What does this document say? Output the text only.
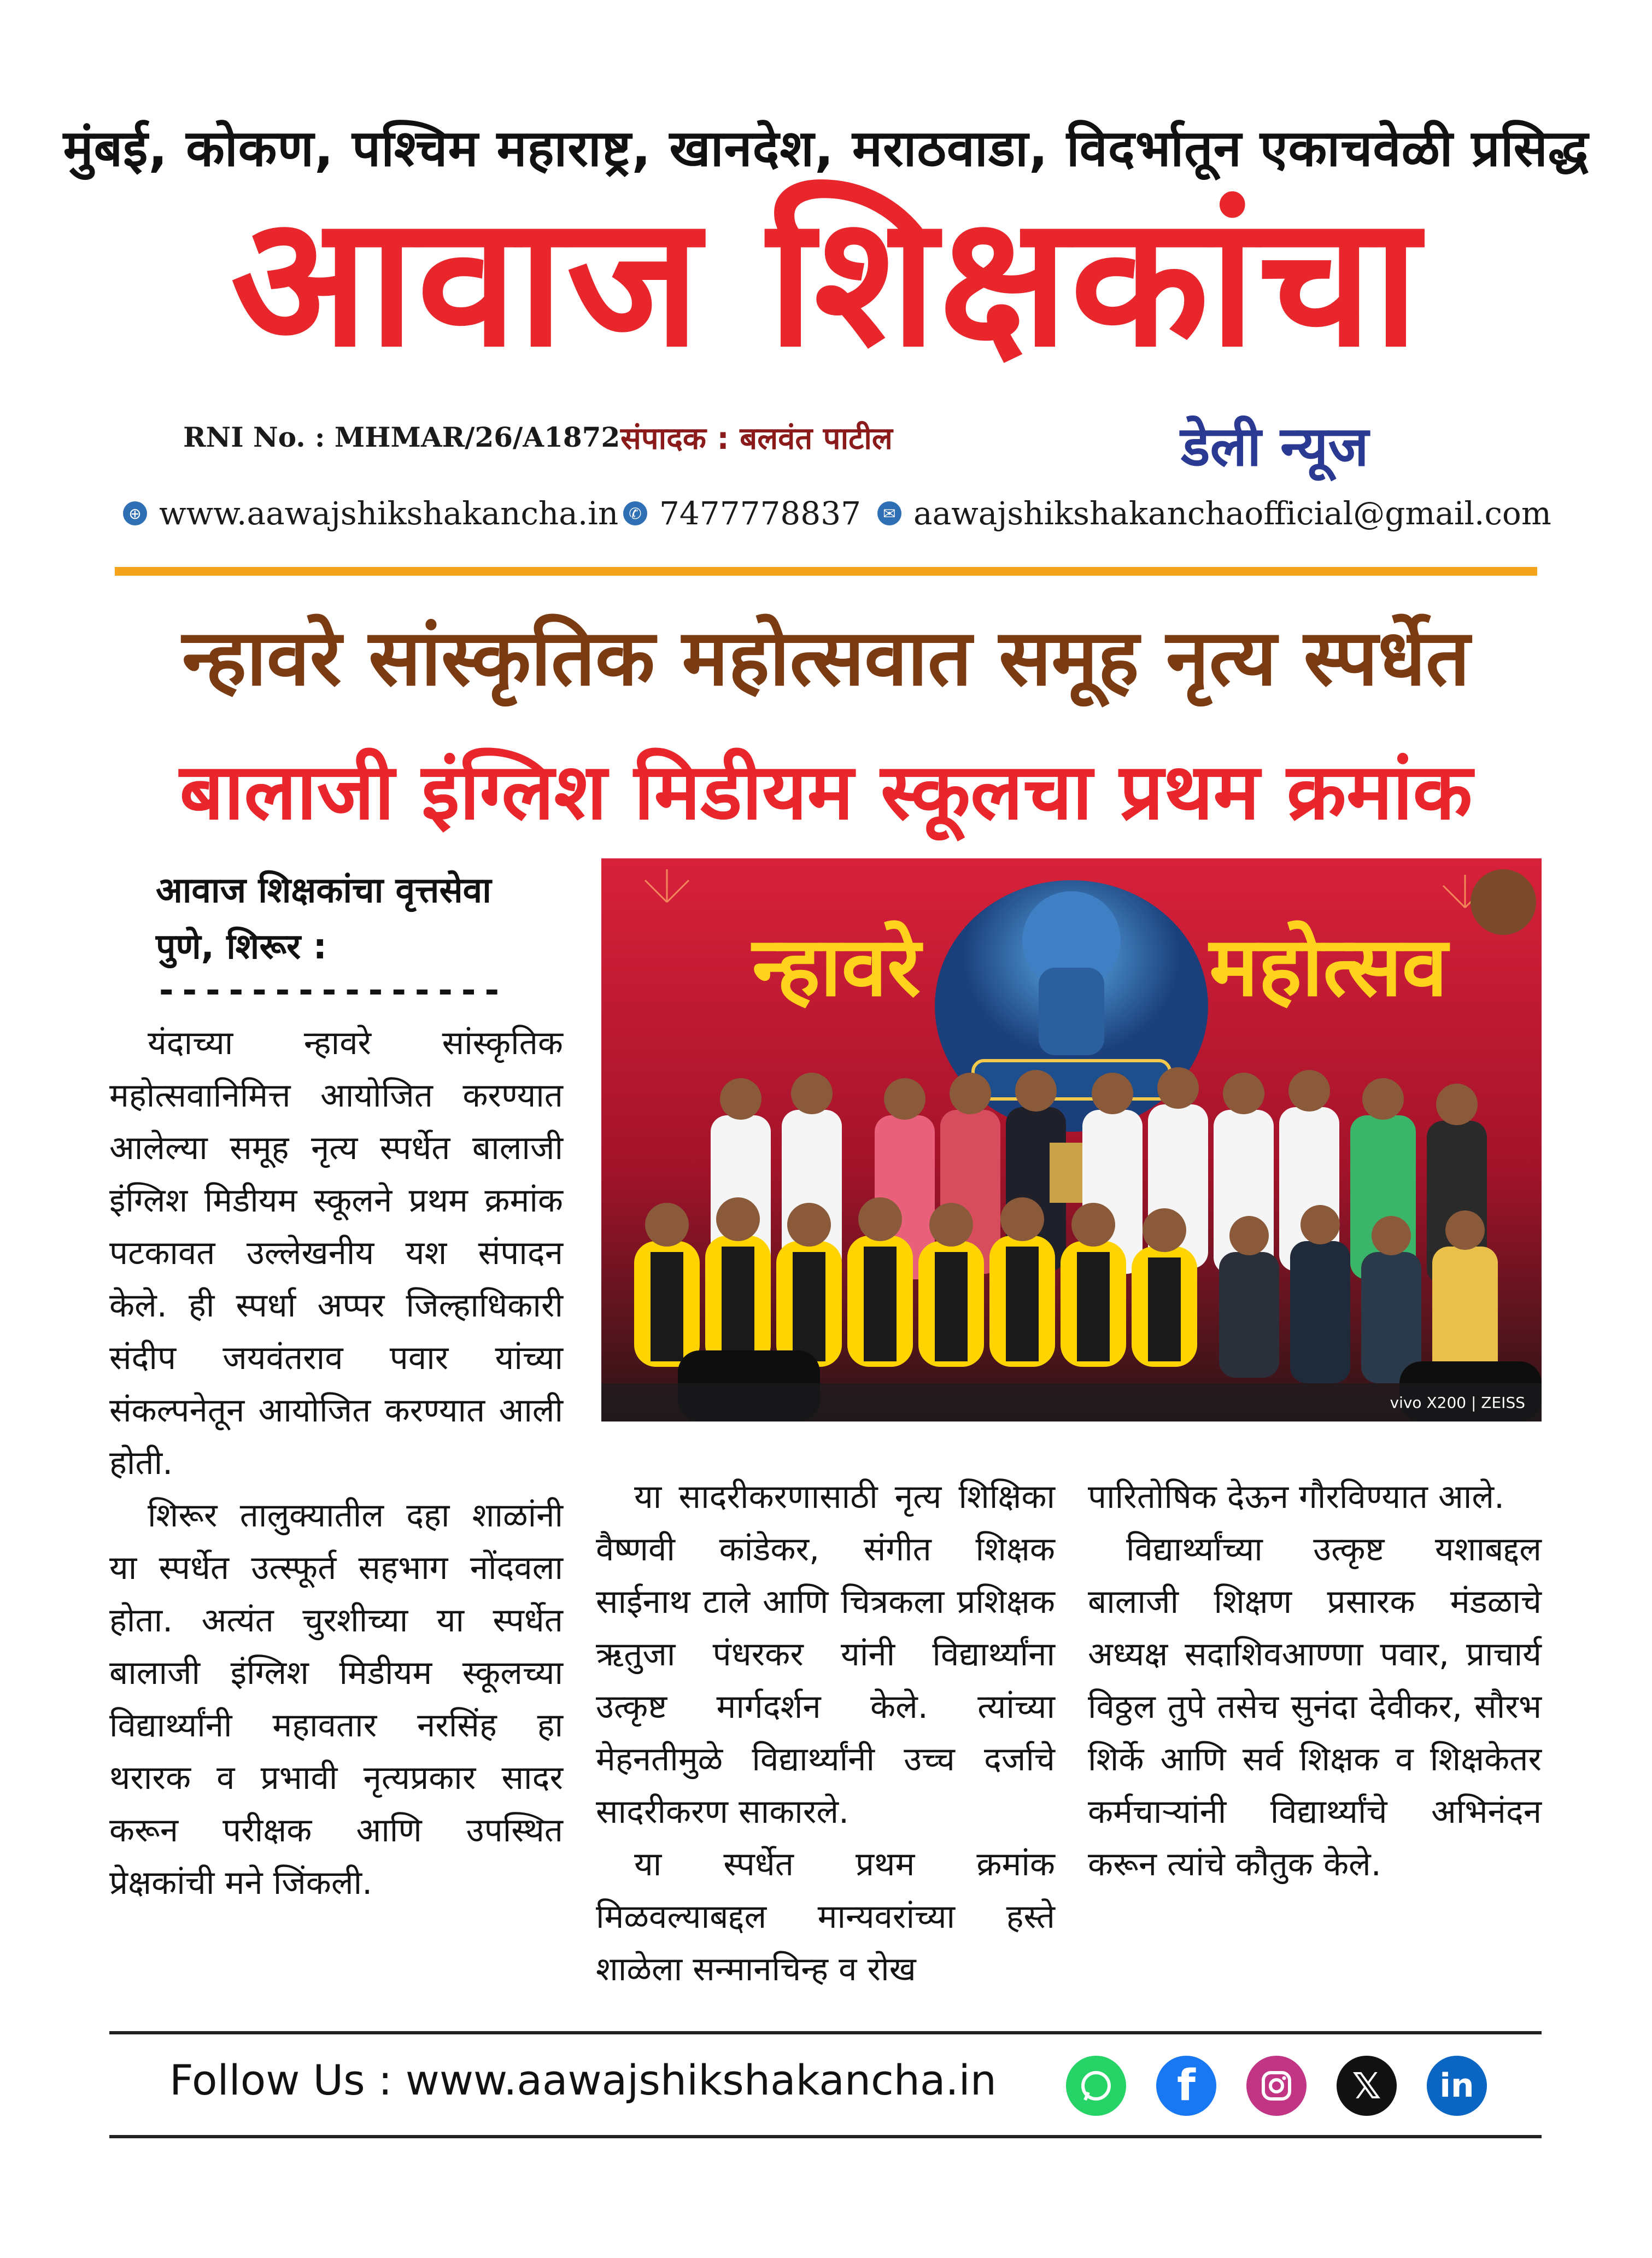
मुंबई, कोकण, पश्चिम महाराष्ट्र, खानदेश, मराठवाडा, विदर्भातून एकाचवेळी प्रसिद्ध
आवाज शिक्षकांचा
RNI No. : MHMAR/26/A1872 संपादक : बलवंत पाटील	डेली न्यूज
⊕ www.aawajshikshakancha.in ✆ 7477778837	✉ aawajshikshakanchaofficial@gmail.com
न्हावरे सांस्कृतिक महोत्सवात समूह नृत्य स्पर्धेत
बालाजी इंग्लिश मिडीयम स्कूलचा प्रथम क्रमांक
आवाज शिक्षकांचा वृत्तसेवा
पुणे, शिरूर :
---------------	न्हावरे	महोत्सव
vivo X200 | ZEISS

यंदाच्या न्हावरे सांस्कृतिक महोत्सवानिमित्त आयोजित करण्यात आलेल्या समूह नृत्य स्पर्धेत बालाजी इंग्लिश मिडीयम स्कूलने प्रथम क्रमांक पटकावत उल्लेखनीय यश संपादन केले. ही स्पर्धा अप्पर जिल्हाधिकारी संदीप जयवंतराव पवार यांच्या संकल्पनेतून आयोजित करण्यात आली होती.

शिरूर तालुक्यातील दहा शाळांनी या स्पर्धेत उत्स्फूर्त सहभाग नोंदवला होता. अत्यंत चुरशीच्या या स्पर्धेत बालाजी इंग्लिश मिडीयम स्कूलच्या विद्यार्थ्यांनी महावतार नरसिंह हा थरारक व प्रभावी नृत्यप्रकार सादर करून परीक्षक आणि उपस्थित प्रेक्षकांची मने जिंकली.

या सादरीकरणासाठी नृत्य शिक्षिका वैष्णवी कांडेकर, संगीत शिक्षक साईनाथ टाले आणि चित्रकला प्रशिक्षक ऋतुजा पंधरकर यांनी विद्यार्थ्यांना उत्कृष्ट मार्गदर्शन केले. त्यांच्या मेहनतीमुळे विद्यार्थ्यांनी उच्च दर्जाचे सादरीकरण साकारले.

या स्पर्धेत प्रथम क्रमांक मिळवल्याबद्दल मान्यवरांच्या हस्ते शाळेला सन्मानचिन्ह व रोख

पारितोषिक देऊन गौरविण्यात आले.

विद्यार्थ्यांच्या उत्कृष्ट यशाबद्दल बालाजी शिक्षण प्रसारक मंडळाचे अध्यक्ष सदाशिवआण्णा पवार, प्राचार्य विठ्ठल तुपे तसेच सुनंदा देवीकर, सौरभ शिर्के आणि सर्व शिक्षक व शिक्षकेतर कर्मचाऱ्यांनी विद्यार्थ्यांचे अभिनंदन करून त्यांचे कौतुक केले.

Follow Us : www.aawajshikshakancha.in	f	𝕏	in
